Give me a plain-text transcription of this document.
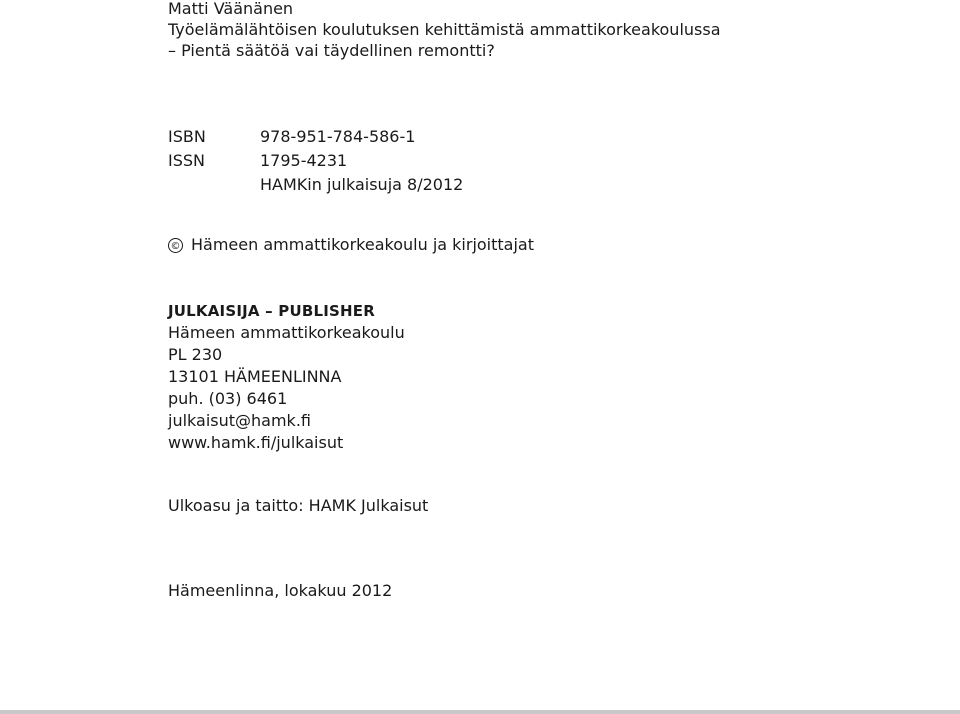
Matti Väänänen
Työelämälähtöisen koulutuksen kehittämistä ammattikorkeakoulussa
– Pientä säätöä vai täydellinen remontti?
ISBN	978-951-784-586-1
ISSN	1795-4231
HAMKin julkaisuja 8/2012
© Hämeen ammattikorkeakoulu ja kirjoittajat
JULKAISIJA – PUBLISHER
Hämeen ammattikorkeakoulu
PL 230
13101 HÄMEENLINNA
puh. (03) 6461
julkaisut@hamk.fi
www.hamk.fi/julkaisut
Ulkoasu ja taitto: HAMK Julkaisut
Hämeenlinna, lokakuu 2012
